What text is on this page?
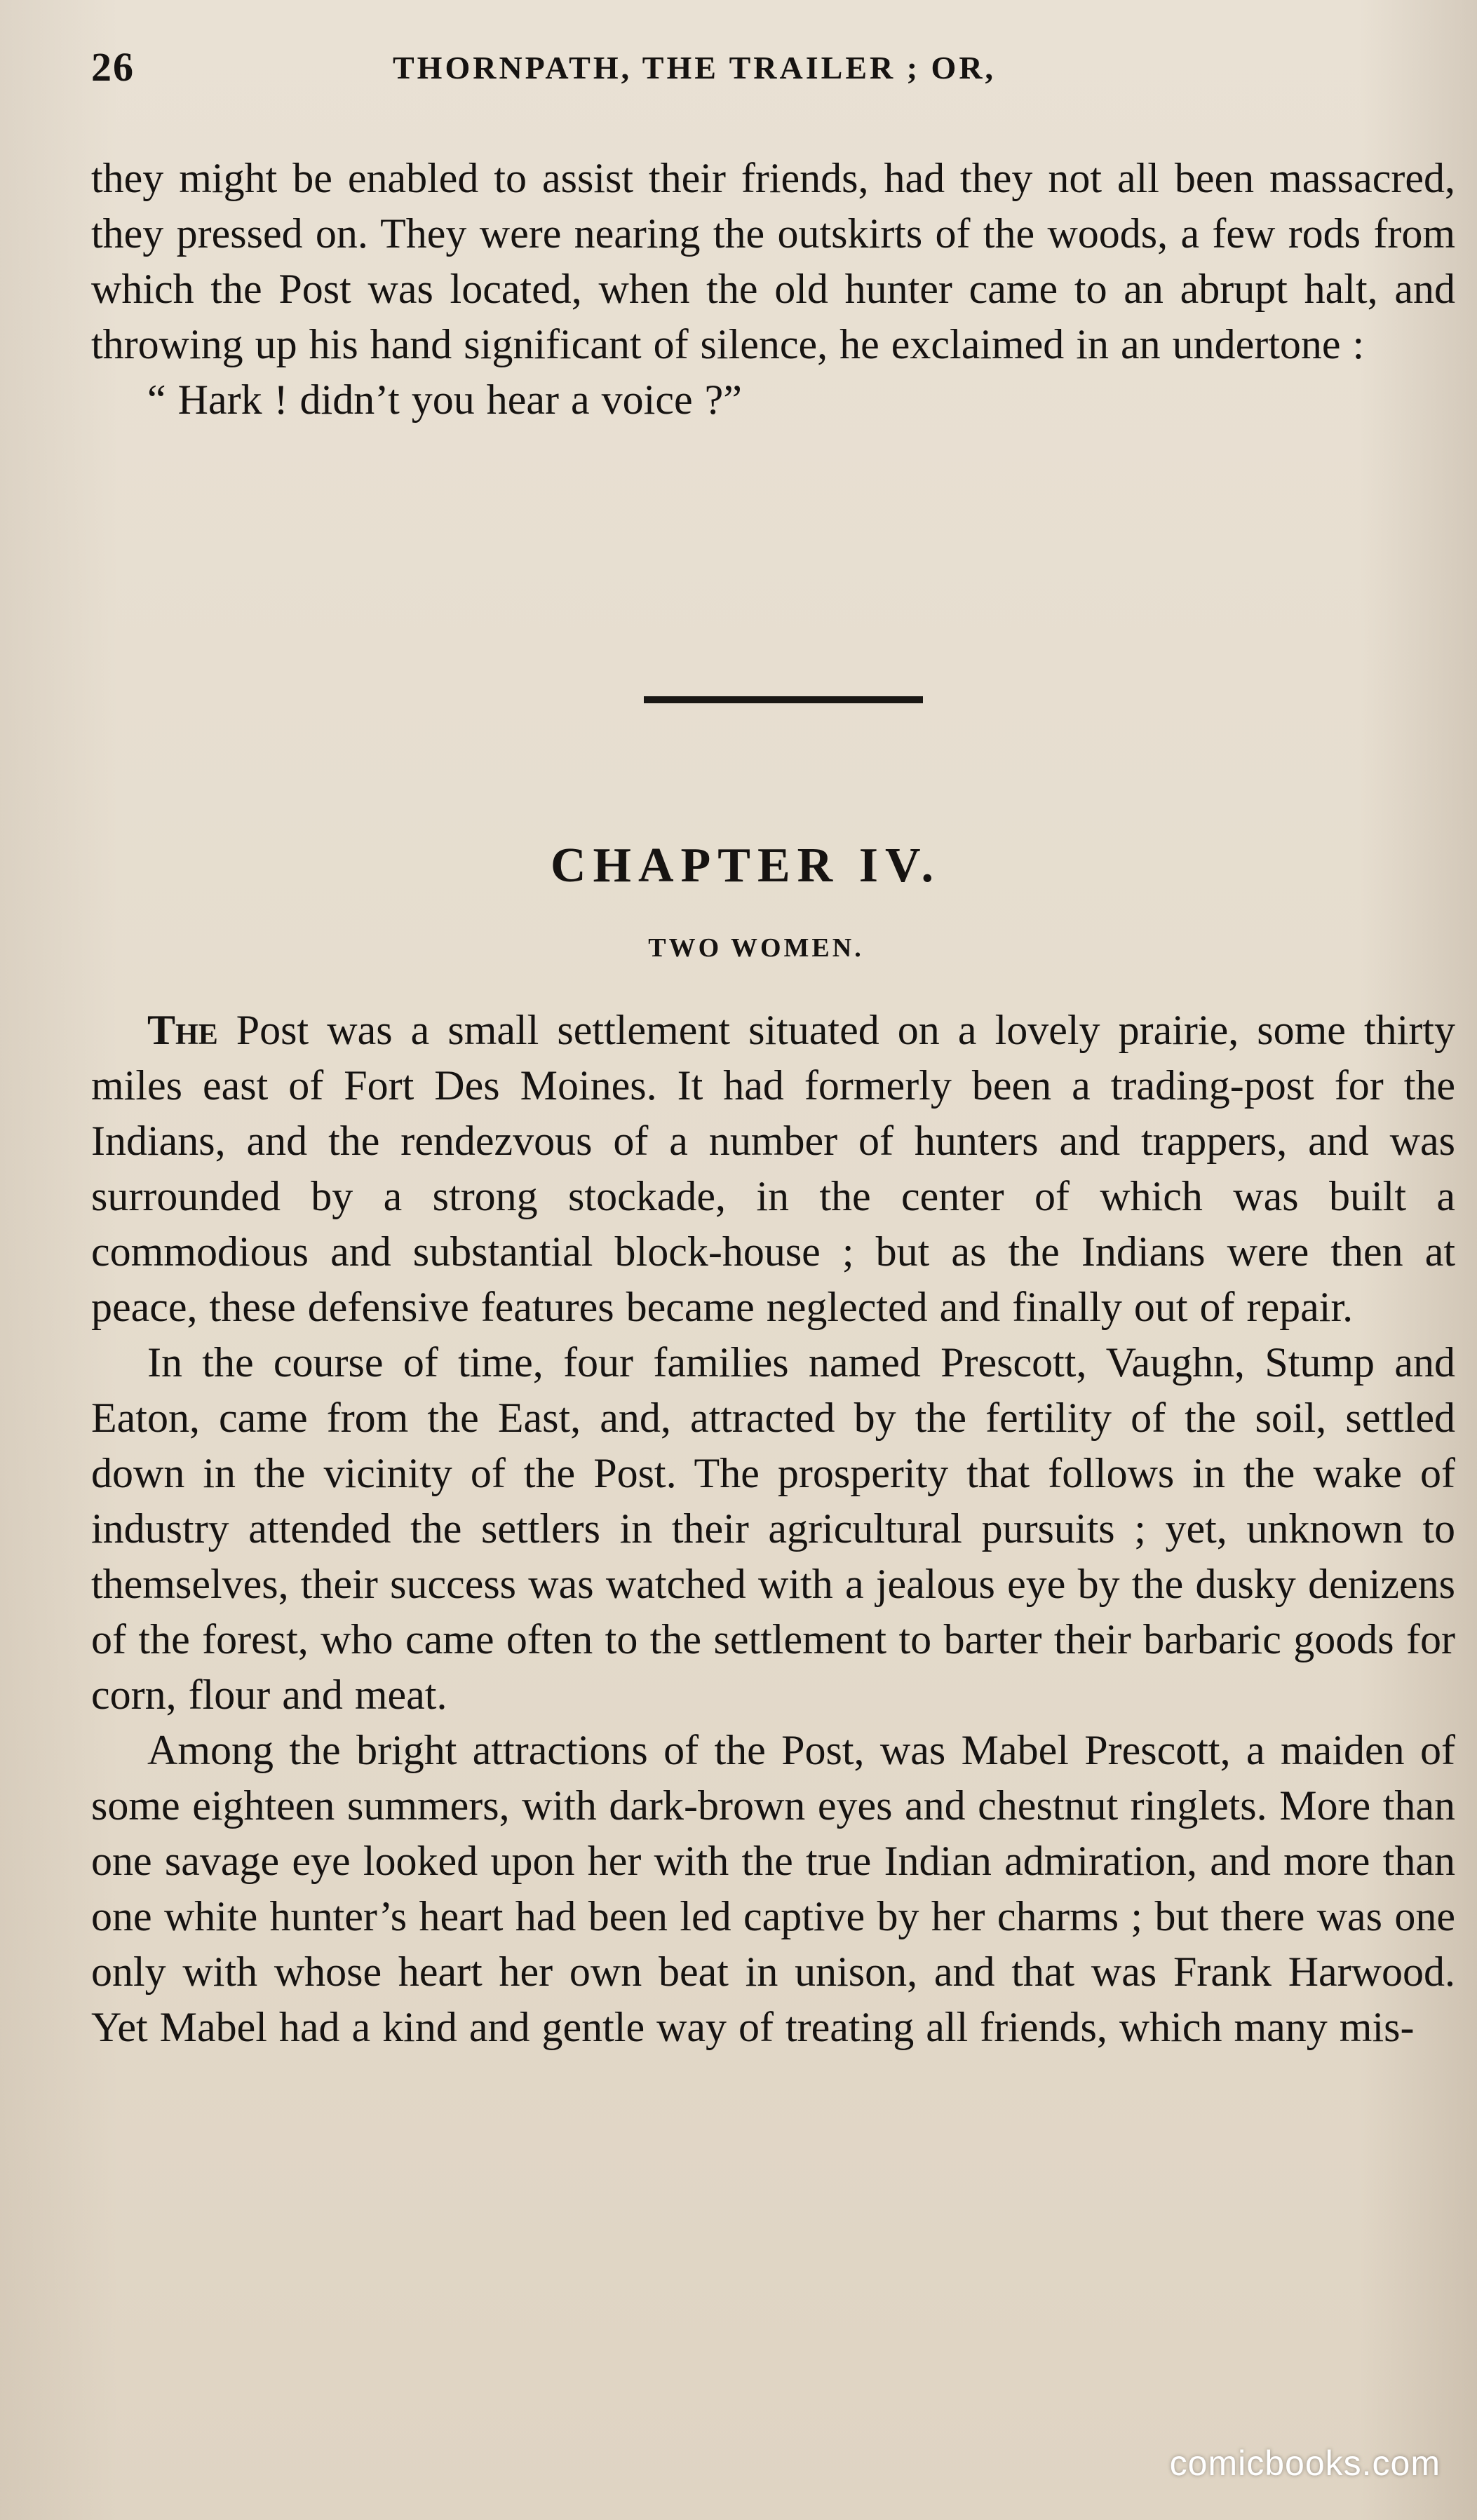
26	THORNPATH, THE TRAILER ; OR,

they might be enabled to assist their friends, had they not all been massacred, they pressed on. They were nearing the outskirts of the woods, a few rods from which the Post was located, when the old hunter came to an abrupt halt, and throwing up his hand significant of silence, he exclaimed in an undertone :

“ Hark ! didn’t you hear a voice ?”

CHAPTER IV.
TWO WOMEN.

The Post was a small settlement situated on a lovely prairie, some thirty miles east of Fort Des Moines. It had formerly been a trading-post for the Indians, and the rendezvous of a number of hunters and trappers, and was surrounded by a strong stockade, in the center of which was built a commodious and substantial block-house ; but as the Indians were then at peace, these defensive features became neglected and finally out of repair.

In the course of time, four families named Prescott, Vaughn, Stump and Eaton, came from the East, and, attracted by the fertility of the soil, settled down in the vicinity of the Post. The prosperity that follows in the wake of industry attended the settlers in their agricultural pursuits ; yet, unknown to themselves, their success was watched with a jealous eye by the dusky denizens of the forest, who came often to the settlement to barter their barbaric goods for corn, flour and meat.

Among the bright attractions of the Post, was Mabel Prescott, a maiden of some eighteen summers, with dark-brown eyes and chestnut ringlets. More than one savage eye looked upon her with the true Indian admiration, and more than one white hunter’s heart had been led captive by her charms ; but there was one only with whose heart her own beat in unison, and that was Frank Harwood. Yet Mabel had a kind and gentle way of treating all friends, which many mis-

comicbooks.com
